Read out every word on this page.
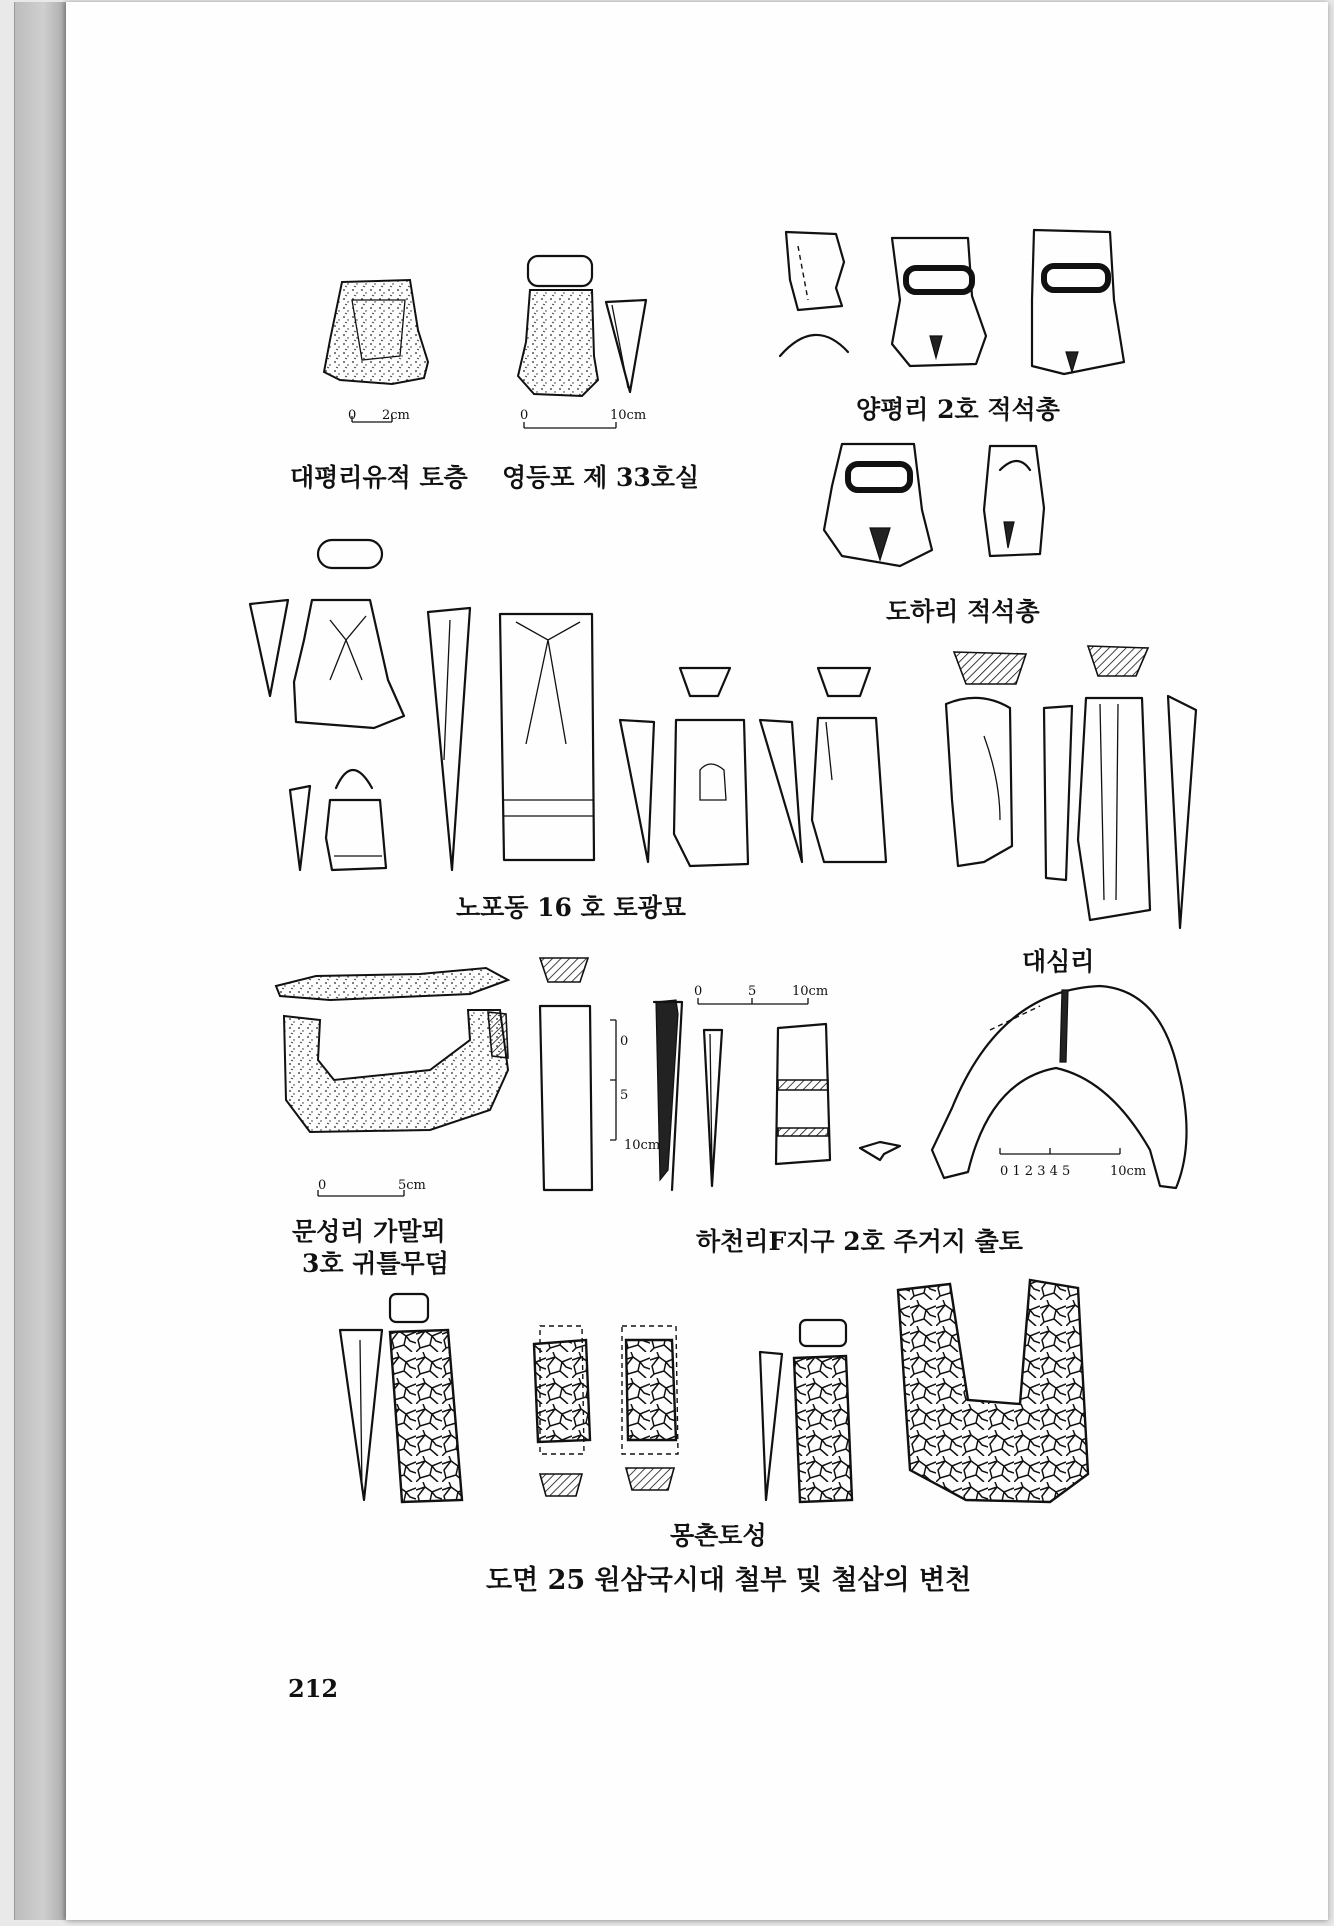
대평리유적 토층 영등포 제 33호실

양평리 2호 적석총

도하리 적석총

노포동 16 호 토광묘

대심리

문성리 가말뫼

3호 귀틀무덤

하천리F지구 2호 주거지 출토

몽촌토성

0 2cm	0	10cm
0	5	10cm
0
5
10cm
0	5cm
0 1 2 3 4 5	10cm

도면 25 원삼국시대 철부 및 철삽의 변천

212
